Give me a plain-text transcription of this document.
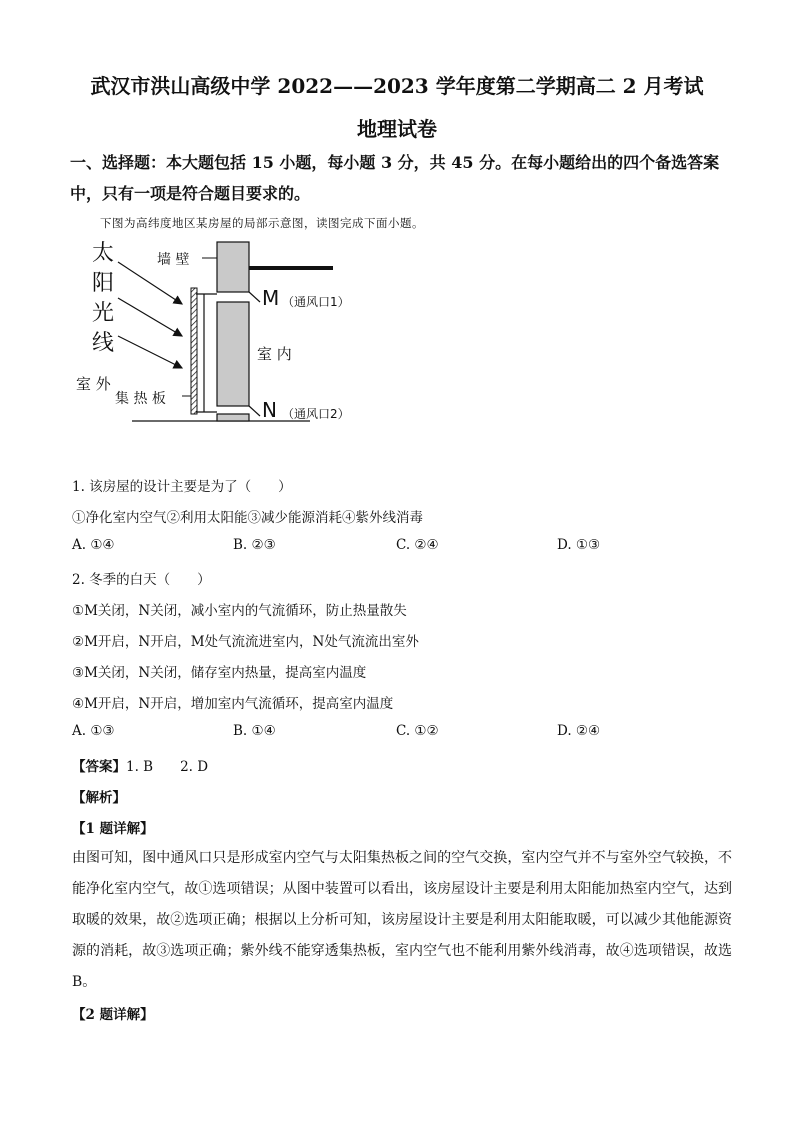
武汉市洪山高级中学 2022——2023 学年度第二学期高二 2 月考试
地理试卷
一、选择题：本大题包括 15 小题，每小题 3 分，共 45 分。在每小题给出的四个备选答案
中，只有一项是符合题目要求的。
下图为高纬度地区某房屋的局部示意图，读图完成下面小题。
墙 壁
太
阳
光
线
室 外
集 热 板
室 内
M （通风口1）
N （通风口2）
1. 该房屋的设计主要是为了（　　）
①净化室内空气②利用太阳能③减少能源消耗④紫外线消毒
A. ①④	B. ②③	C. ②④	D. ①③
2. 冬季的白天（　　）
①M关闭，N关闭，减小室内的气流循环，防止热量散失
②M开启，N开启，M处气流流进室内，N处气流流出室外
③M关闭，N关闭，储存室内热量，提高室内温度
④M开启，N开启，增加室内气流循环，提高室内温度
A. ①③	B. ①④	C. ①②	D. ②④
【答案】1. B　　2. D
【解析】
【1 题详解】
由图可知，图中通风口只是形成室内空气与太阳集热板之间的空气交换，室内空气并不与室外空气较换，不能净化室内空气，故①选项错误；从图中装置可以看出，该房屋设计主要是利用太阳能加热室内空气，达到取暖的效果，故②选项正确；根据以上分析可知，该房屋设计主要是利用太阳能取暖，可以减少其他能源资源的消耗，故③选项正确；紫外线不能穿透集热板，室内空气也不能利用紫外线消毒，故④选项错误，故选 B。
【2 题详解】
